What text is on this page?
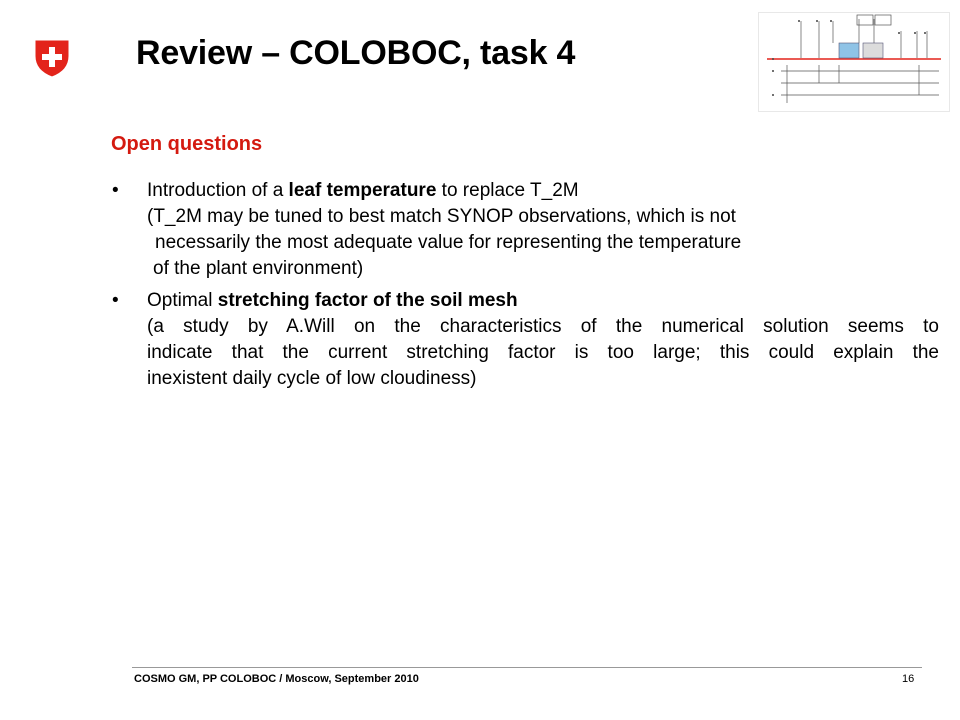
Review – COLOBOC, task 4
Open questions
• Introduction of a leaf temperature to replace T_2M
(T_2M may be tuned to best match SYNOP observations, which is not
necessarily the most adequate value for representing the temperature
of the plant environment)
• Optimal stretching factor of the soil mesh
(a study by A.Will on the characteristics of the numerical solution seems to
indicate that the current stretching factor is too large; this could explain the
inexistent daily cycle of low cloudiness)
COSMO GM, PP COLOBOC / Moscow, September 2010	16
